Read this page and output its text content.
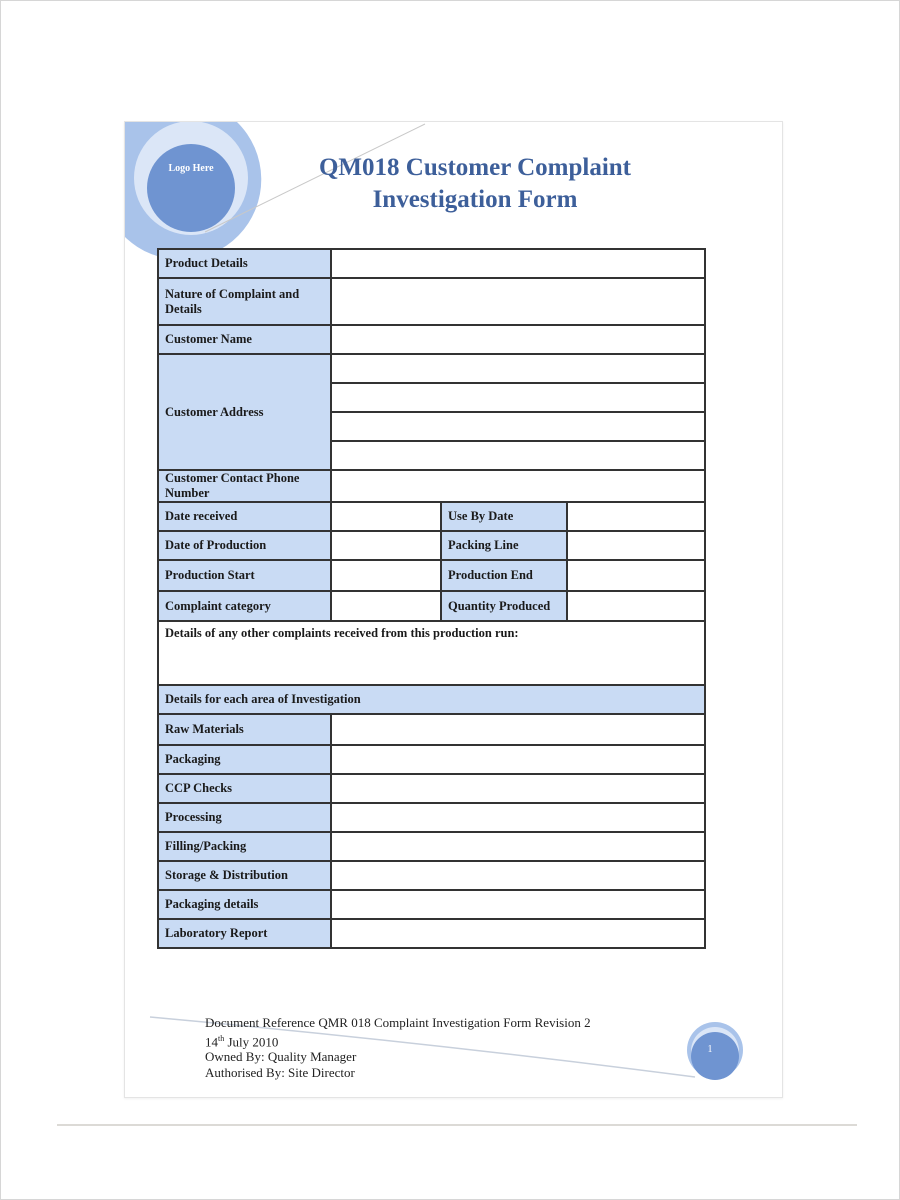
Logo Here	QM018 Customer Complaint
Investigation Form
Product Details			
Nature of Complaint and Details			
Customer Name			
Customer Address			

Customer Contact Phone Number			
Date received		Use By Date	
Date of Production		Packing Line	
Production Start		Production End	
Complaint category		Quantity Produced	
Details of any other complaints received from this production run:			
Details for each area of Investigation			
Raw Materials			
Packaging			
CCP Checks			
Processing			
Filling/Packing			
Storage & Distribution			
Packaging details			
Laboratory Report			
Document Reference QMR 018 Complaint Investigation Form Revision 2
14th July 2010
Owned By: Quality Manager
Authorised By: Site Director
1
